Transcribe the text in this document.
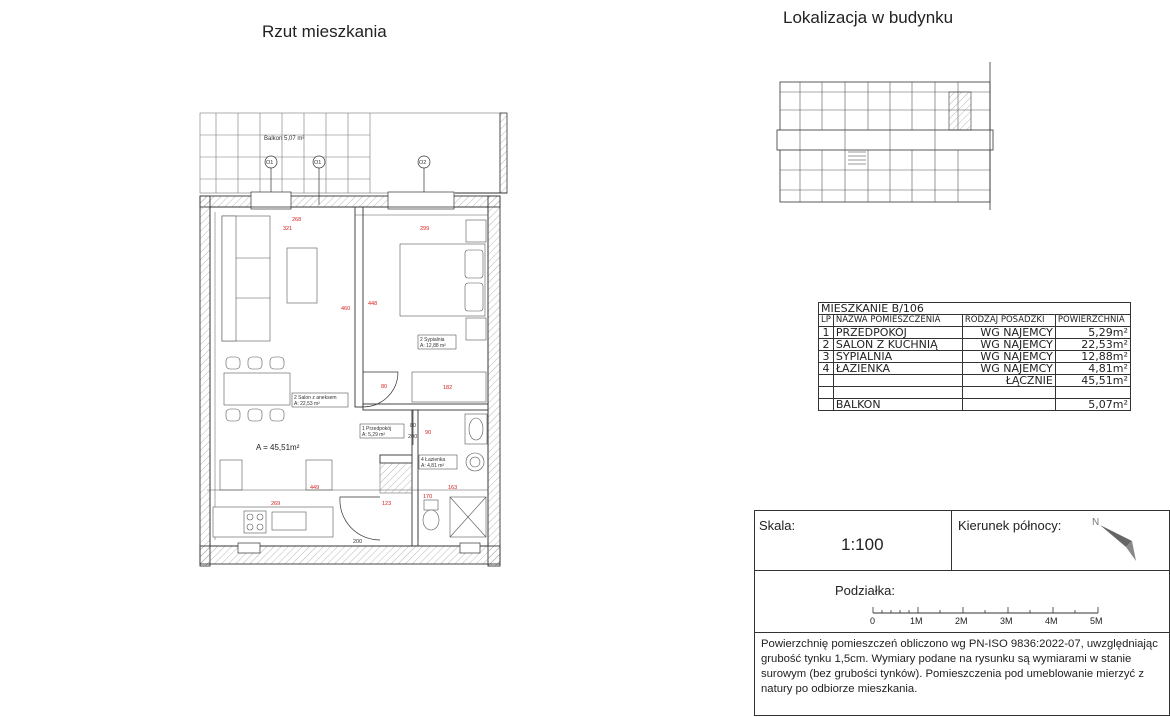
Rzut mieszkania
Lokalizacja w budynku
Balkon 5,07 m²
O1	O1	O2
2 Sypialnia
A: 12,88 m²
2 Salon z aneksem
A: 22,53 m²
1 Przedpokój
A: 5,29 m²
4 Łazienka
A: 4,81 m²
A = 45,51m²
321
268
299
460
448
182
449
269
80
90
123
163
170
80
200
200
MIESZKANIE B/106			
LP	NAZWA POMIESZCZENIA	RODZAJ POSADZKI	POWIERZCHNIA
1	PRZEDPOKÓJ	WG NAJEMCY	5,29m²
2	SALON Z KUCHNIĄ	WG NAJEMCY	22,53m²
3	SYPIALNIA	WG NAJEMCY	12,88m²
4	ŁAZIENKA	WG NAJEMCY	4,81m²
		ŁĄCZNIE	45,51m²

	BALKON		5,07m²
Skala:
1:100
Kierunek północy:	N
Podziałka:
0	1M	2M	3M	4M	5M
Powierzchnię pomieszczeń obliczono wg PN-ISO 9836:2022-07, uwzględniając grubość tynku 1,5cm. Wymiary podane na rysunku są wymiarami w stanie surowym (bez grubości tynków). Pomieszczenia pod umeblowanie mierzyć z natury po odbiorze mieszkania.
